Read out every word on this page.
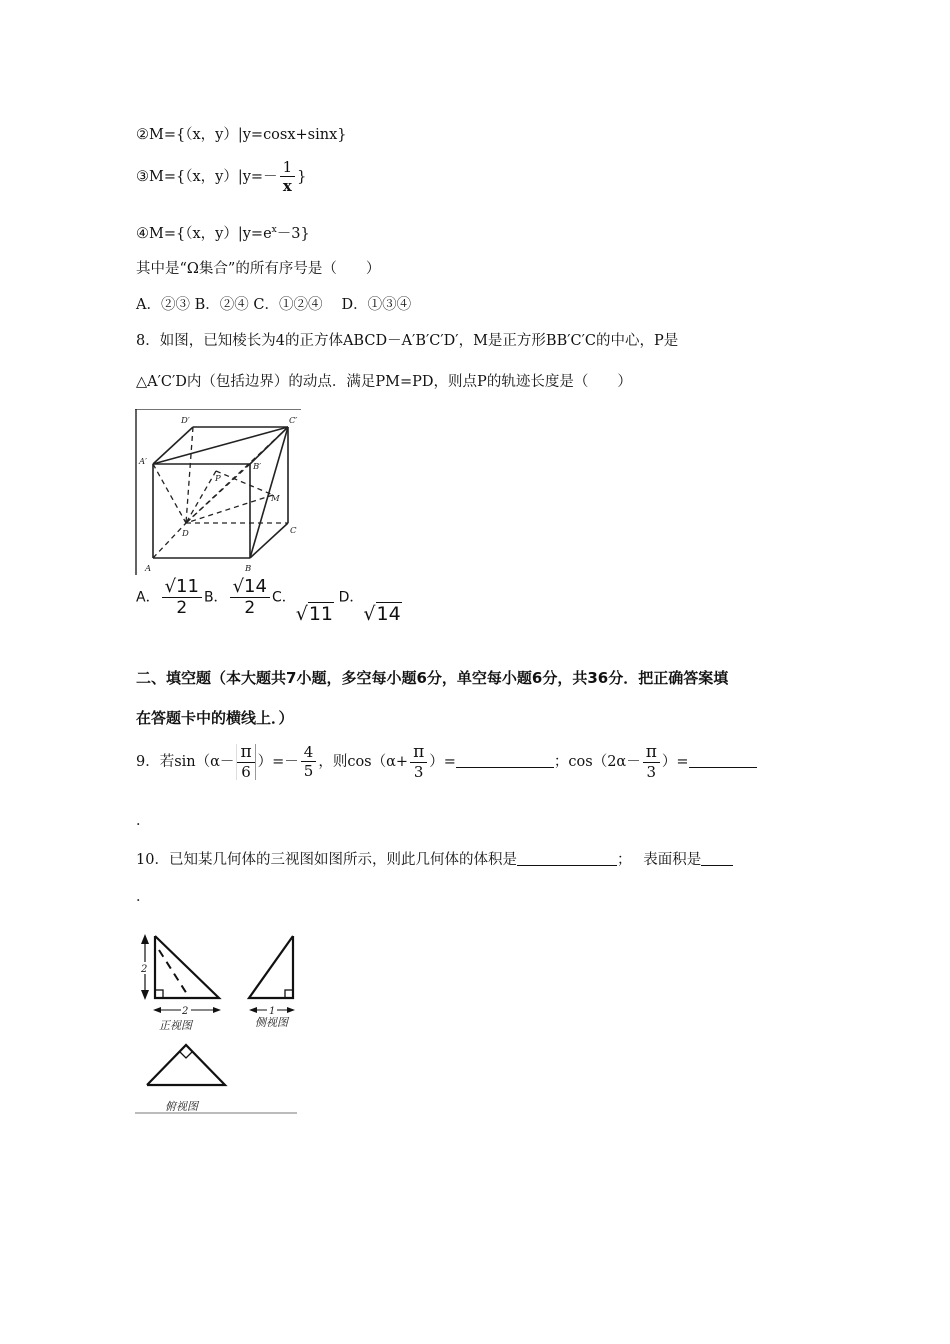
②M={（x，y）|y=cosx+sinx}
③M={（x，$y)|y=- \frac{1}{x}$ }
④M={（x，$y)|y=e^x-3$}
其中是“Ω集合”的所有序号是（　　）
A．②③ B．②④ C．①②④　 D．①③④
8．如图，已知棱长为4的正方体ABCD－A′B′C′D′，M是正方形BB′C′C的中心，P是
△A′C′D内（包括边界）的动点．满足PM=PD，则点P的轨迹长度是（　　）
D′	C′
A′	B′
P
M
D	C
A	B
A． $\frac{√11}{2}$ B． $\frac{√14}{2}$ C．√11 D．√14
二、填空题（本大题共7小题，多空每小题6分，单空每小题6分，共36分．把正确答案填
在答题卡中的横线上．）
9．若$\sin(\alpha- \frac{\pi}{6}$ ）=－ $\frac{4}{5}$ ，则$\cos(\alpha+ \frac{\pi}{3}$ ）=	；$\cos(2\alpha- \frac{\pi}{3}$ ）=
．
10．已知某几何体的三视图如图所示，则此几何体的体积是	；　 表面积是
．
2
2
正视图
1
侧视图
俯视图
